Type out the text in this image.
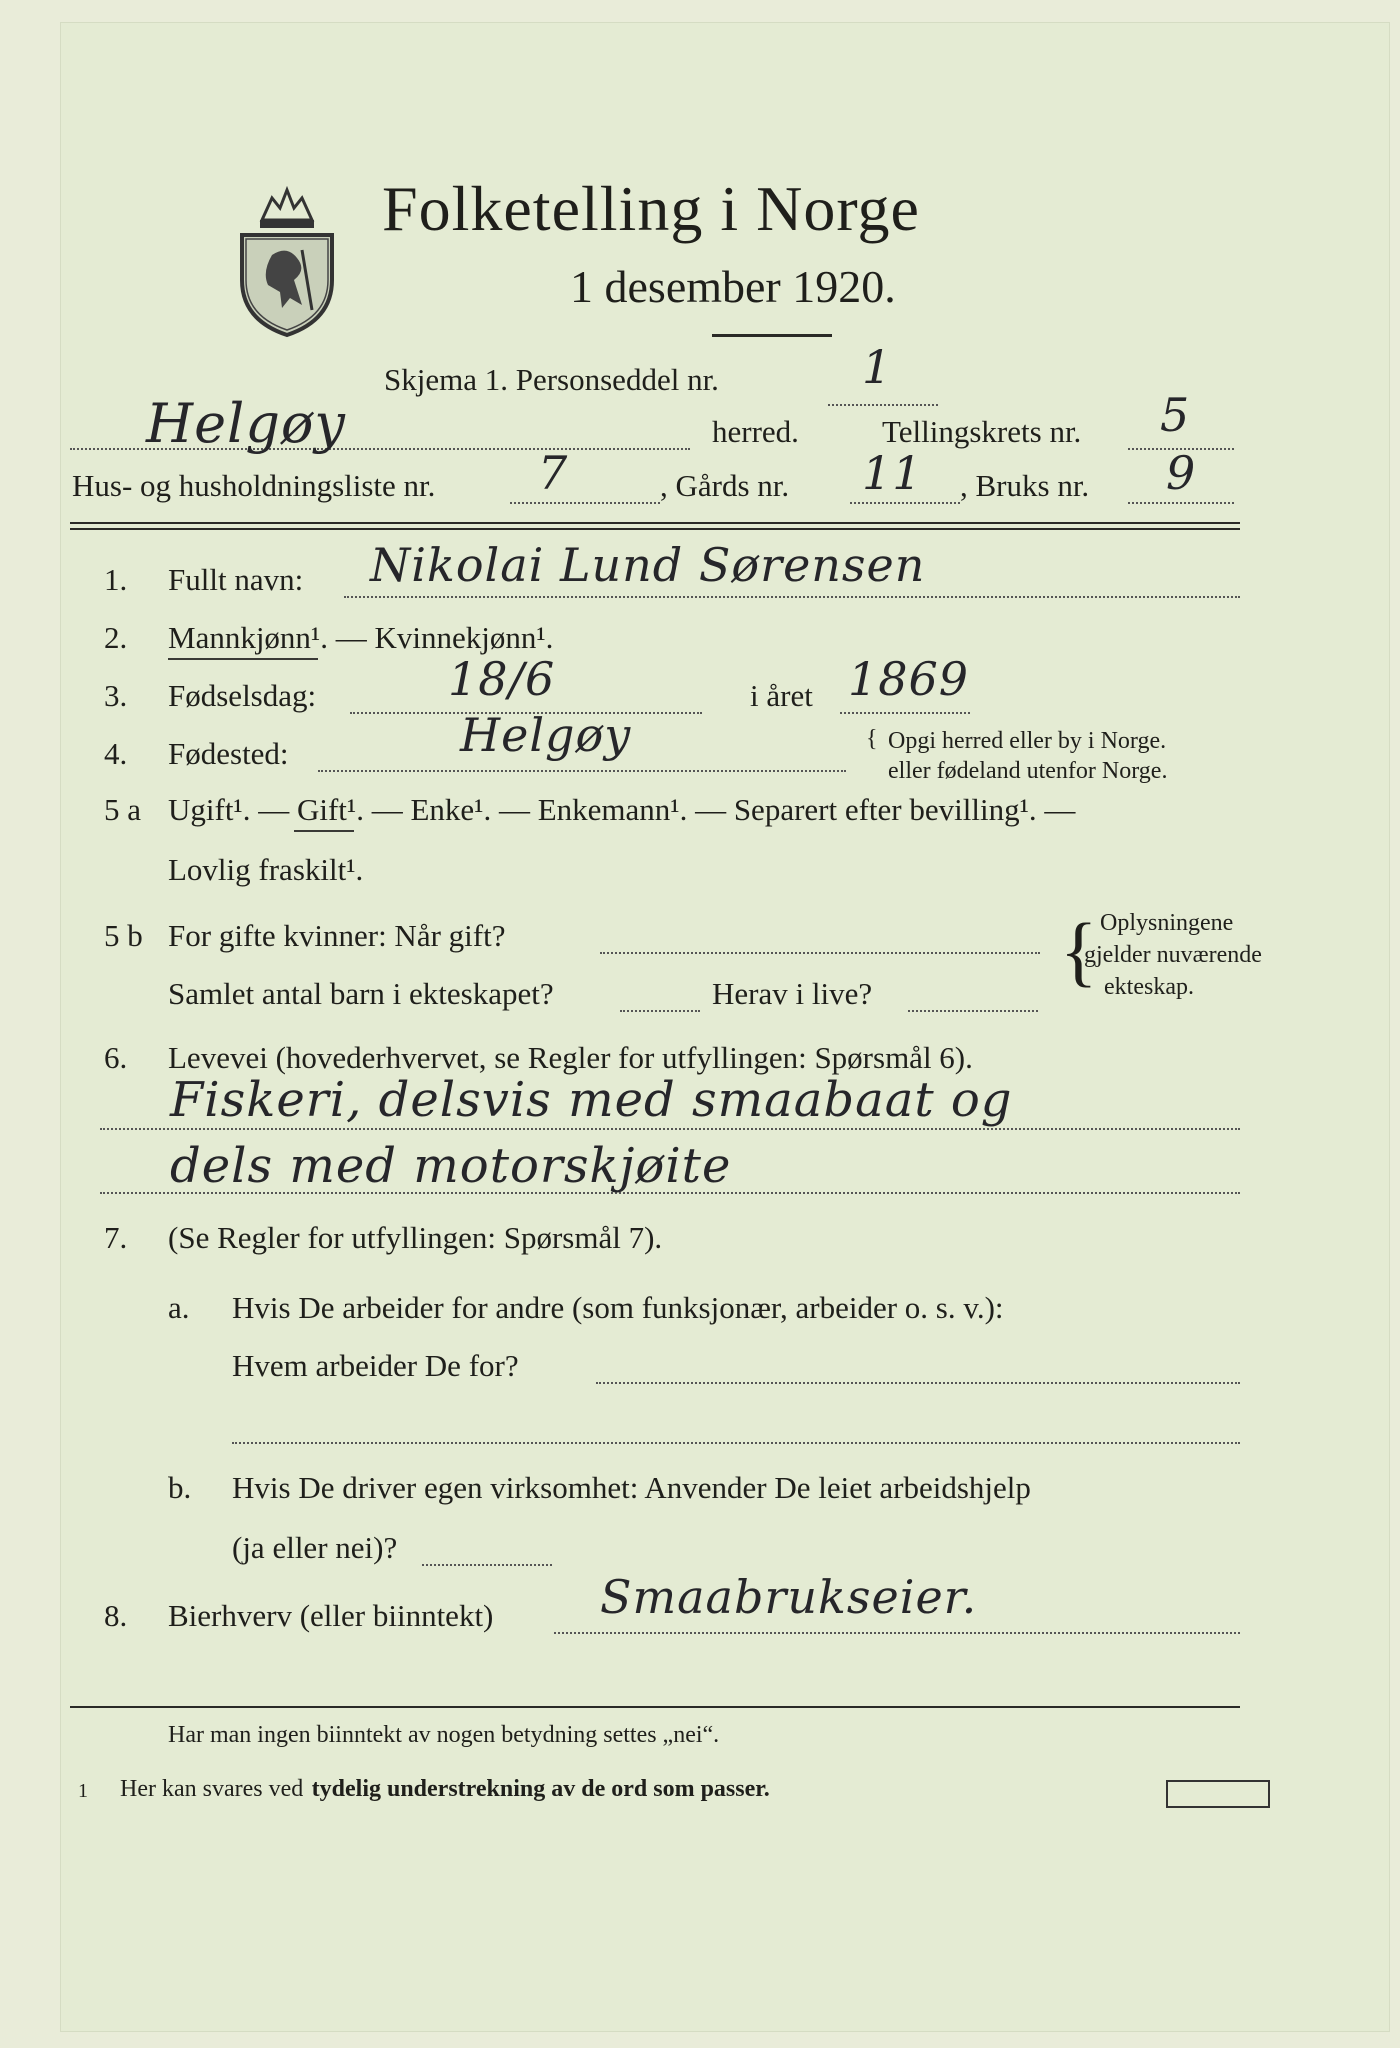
Folketelling i Norge
1 desember 1920.
Skjema 1. Personseddel nr.	1
Helgøy	herred.	Tellingskrets nr. 5
Hus- og husholdningsliste nr. 7	, Gårds nr. 11 , Bruks nr. 9
1. Fullt navn: Nikolai Lund Sørensen
2. Mannkjønn¹. — Kvinnekjønn¹.
3. Fødselsdag:	18/6	i året 1869
4. Fødested:	Helgøy	{ Opgi herred eller by i Norge.
eller fødeland utenfor Norge.
5 a Ugift¹. — Gift¹. — Enke¹. — Enkemann¹. — Separert efter bevilling¹. —
Lovlig fraskilt¹.
5 b For gifte kvinner: Når gift?
Samlet antal barn i ekteskapet?	Herav i live? { Oplysningene
gjelder nuværende
ekteskap.
6. Levevei (hovederhvervet, se Regler for utfyllingen: Spørsmål 6).
Fiskeri, delsvis med smaabaat og
dels med motorskjøite
7. (Se Regler for utfyllingen: Spørsmål 7).
a. Hvis De arbeider for andre (som funksjonær, arbeider o. s. v.):
Hvem arbeider De for?
b. Hvis De driver egen virksomhet: Anvender De leiet arbeidshjelp
(ja eller nei)?
8. Bierhverv (eller biinntekt) Smaabrukseier.
Har man ingen biinntekt av nogen betydning settes „nei“.
1 Her kan svares ved tydelig understrekning av de ord som passer.
